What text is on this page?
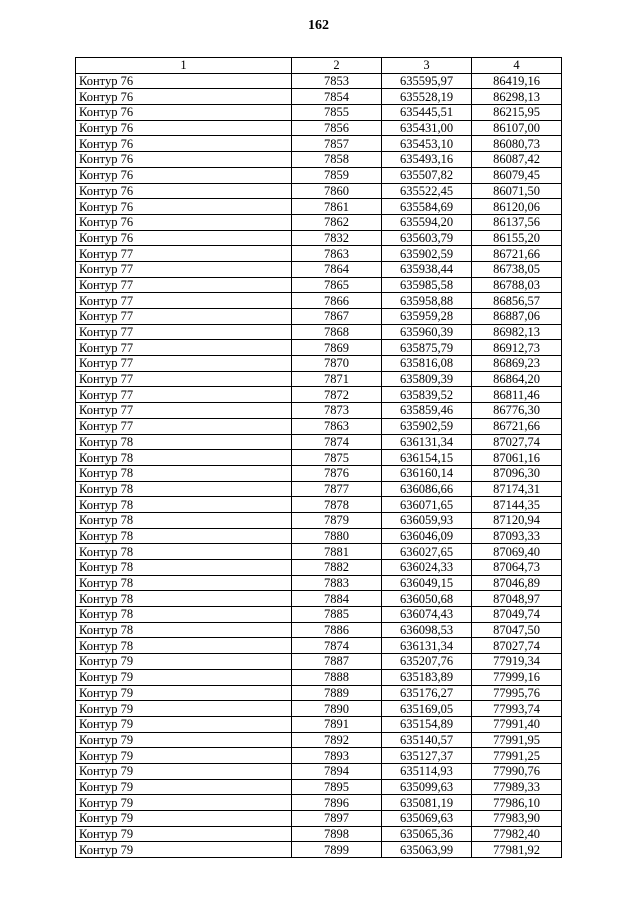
162
1	2	3	4
Контур 76	7853	635595,97	86419,16
Контур 76	7854	635528,19	86298,13
Контур 76	7855	635445,51	86215,95
Контур 76	7856	635431,00	86107,00
Контур 76	7857	635453,10	86080,73
Контур 76	7858	635493,16	86087,42
Контур 76	7859	635507,82	86079,45
Контур 76	7860	635522,45	86071,50
Контур 76	7861	635584,69	86120,06
Контур 76	7862	635594,20	86137,56
Контур 76	7832	635603,79	86155,20
Контур 77	7863	635902,59	86721,66
Контур 77	7864	635938,44	86738,05
Контур 77	7865	635985,58	86788,03
Контур 77	7866	635958,88	86856,57
Контур 77	7867	635959,28	86887,06
Контур 77	7868	635960,39	86982,13
Контур 77	7869	635875,79	86912,73
Контур 77	7870	635816,08	86869,23
Контур 77	7871	635809,39	86864,20
Контур 77	7872	635839,52	86811,46
Контур 77	7873	635859,46	86776,30
Контур 77	7863	635902,59	86721,66
Контур 78	7874	636131,34	87027,74
Контур 78	7875	636154,15	87061,16
Контур 78	7876	636160,14	87096,30
Контур 78	7877	636086,66	87174,31
Контур 78	7878	636071,65	87144,35
Контур 78	7879	636059,93	87120,94
Контур 78	7880	636046,09	87093,33
Контур 78	7881	636027,65	87069,40
Контур 78	7882	636024,33	87064,73
Контур 78	7883	636049,15	87046,89
Контур 78	7884	636050,68	87048,97
Контур 78	7885	636074,43	87049,74
Контур 78	7886	636098,53	87047,50
Контур 78	7874	636131,34	87027,74
Контур 79	7887	635207,76	77919,34
Контур 79	7888	635183,89	77999,16
Контур 79	7889	635176,27	77995,76
Контур 79	7890	635169,05	77993,74
Контур 79	7891	635154,89	77991,40
Контур 79	7892	635140,57	77991,95
Контур 79	7893	635127,37	77991,25
Контур 79	7894	635114,93	77990,76
Контур 79	7895	635099,63	77989,33
Контур 79	7896	635081,19	77986,10
Контур 79	7897	635069,63	77983,90
Контур 79	7898	635065,36	77982,40
Контур 79	7899	635063,99	77981,92
